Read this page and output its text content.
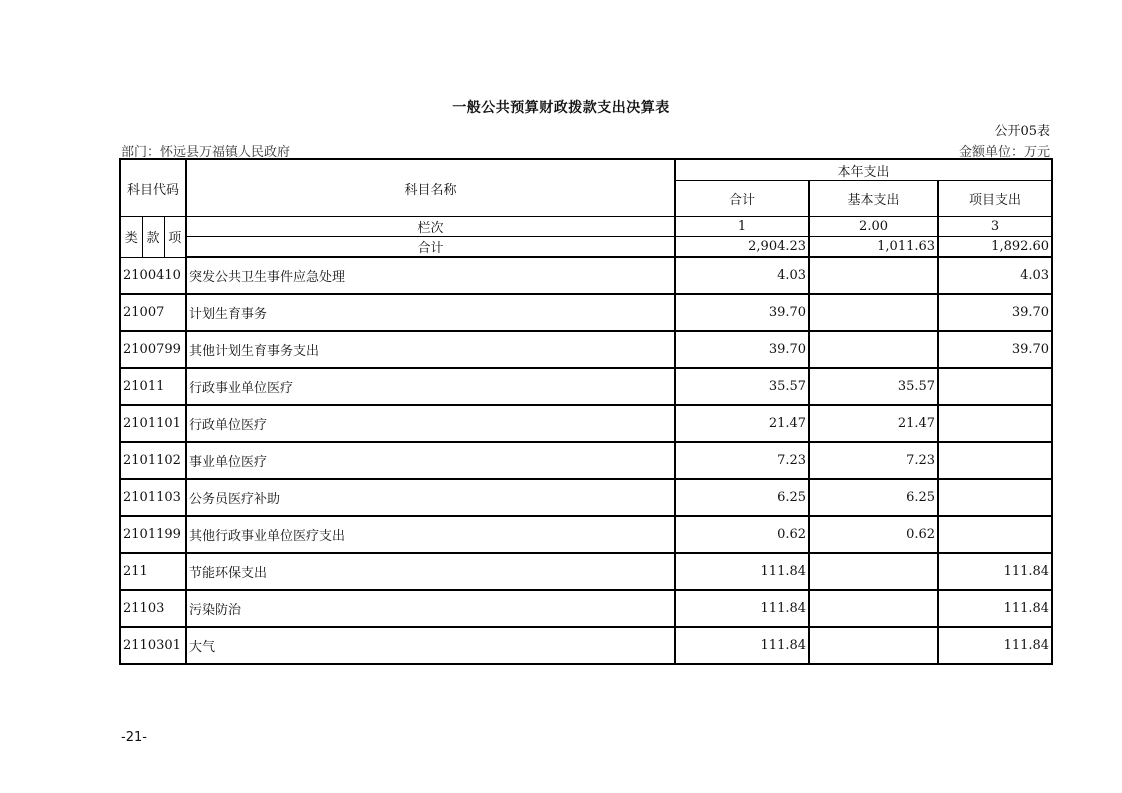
一般公共预算财政拨款支出决算表
公开05表
部门：怀远县万福镇人民政府	金额单位：万元
科目代码			科目名称	本年支出		
				合计	基本支出	项目支出
类	款	项	栏次	1	2.00	3
			合计	2,904.23	1,011.63	1,892.60
2100410			突发公共卫生事件应急处理	4.03		4.03
21007			计划生育事务	39.70		39.70
2100799			其他计划生育事务支出	39.70		39.70
21011			行政事业单位医疗	35.57	35.57	
2101101			行政单位医疗	21.47	21.47	
2101102			事业单位医疗	7.23	7.23	
2101103			公务员医疗补助	6.25	6.25	
2101199			其他行政事业单位医疗支出	0.62	0.62	
211			节能环保支出	111.84		111.84
21103			污染防治	111.84		111.84
2110301			大气	111.84		111.84
-21-
